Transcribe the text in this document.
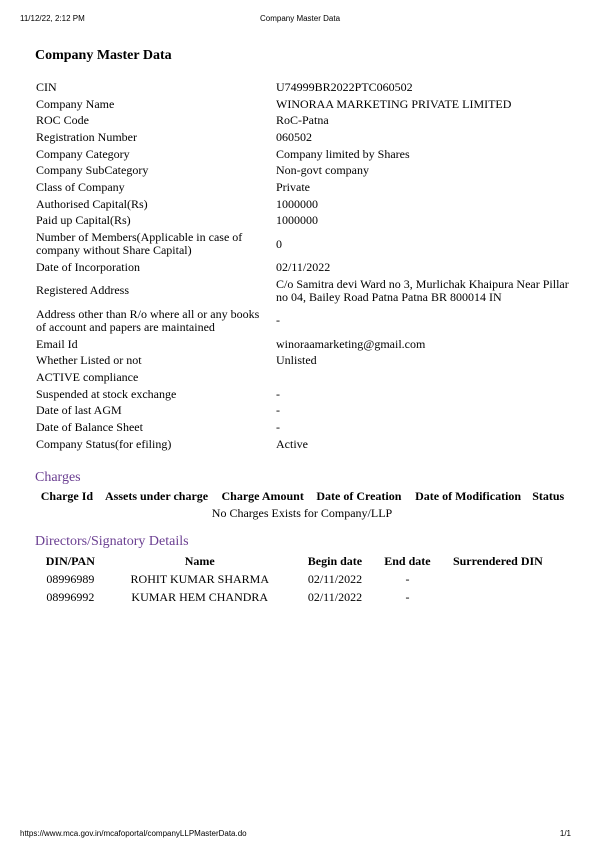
11/12/22, 2:12 PM	Company Master Data
Company Master Data
CIN	U74999BR2022PTC060502
Company Name	WINORAA MARKETING PRIVATE LIMITED
ROC Code	RoC-Patna
Registration Number	060502
Company Category	Company limited by Shares
Company SubCategory	Non-govt company
Class of Company	Private
Authorised Capital(Rs)	1000000
Paid up Capital(Rs)	1000000
Number of Members(Applicable in case of company without Share Capital)	0
Date of Incorporation	02/11/2022
Registered Address	C/o Samitra devi Ward no 3, Murlichak Khaipura Near Pillar no 04, Bailey Road Patna Patna BR 800014 IN
Address other than R/o where all or any books of account and papers are maintained	-
Email Id	winoraamarketing@gmail.com
Whether Listed or not	Unlisted
ACTIVE compliance	
Suspended at stock exchange	-
Date of last AGM	-
Date of Balance Sheet	-
Company Status(for efiling)	Active
Charges
Charge Id	Assets under charge	Charge Amount	Date of Creation	Date of Modification	Status
No Charges Exists for Company/LLP
Directors/Signatory Details
DIN/PAN	Name	Begin date	End date	Surrendered DIN
08996989	ROHIT KUMAR SHARMA	02/11/2022	-	
08996992	KUMAR HEM CHANDRA	02/11/2022	-	
https://www.mca.gov.in/mcafoportal/companyLLPMasterData.do	1/1
